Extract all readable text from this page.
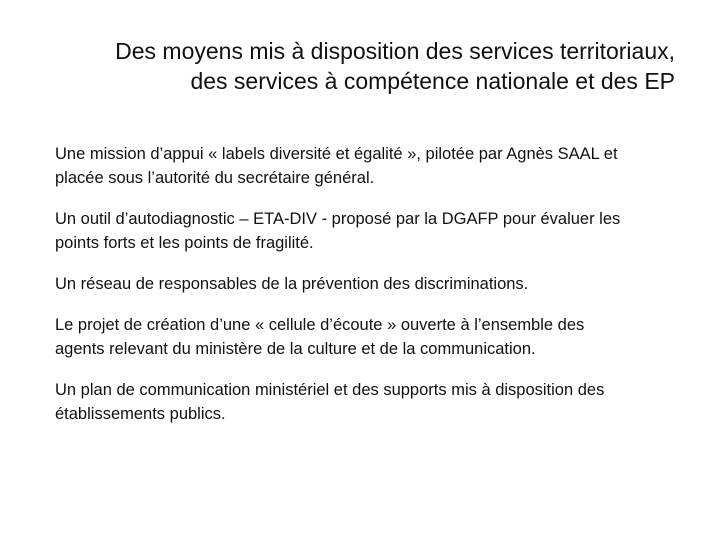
Des moyens mis à disposition des services territoriaux,
des services à compétence nationale et des EP

Une mission d’appui « labels diversité et égalité », pilotée par Agnès SAAL et
placée sous l’autorité du secrétaire général.

Un outil d’autodiagnostic – ETA-DIV - proposé par la DGAFP pour évaluer les
points forts et les points de fragilité.

Un réseau de responsables de la prévention des discriminations.

Le projet de création d’une « cellule d’écoute » ouverte à l’ensemble des
agents relevant du ministère de la culture et de la communication.

Un plan de communication ministériel et des supports mis à disposition des
établissements publics.
